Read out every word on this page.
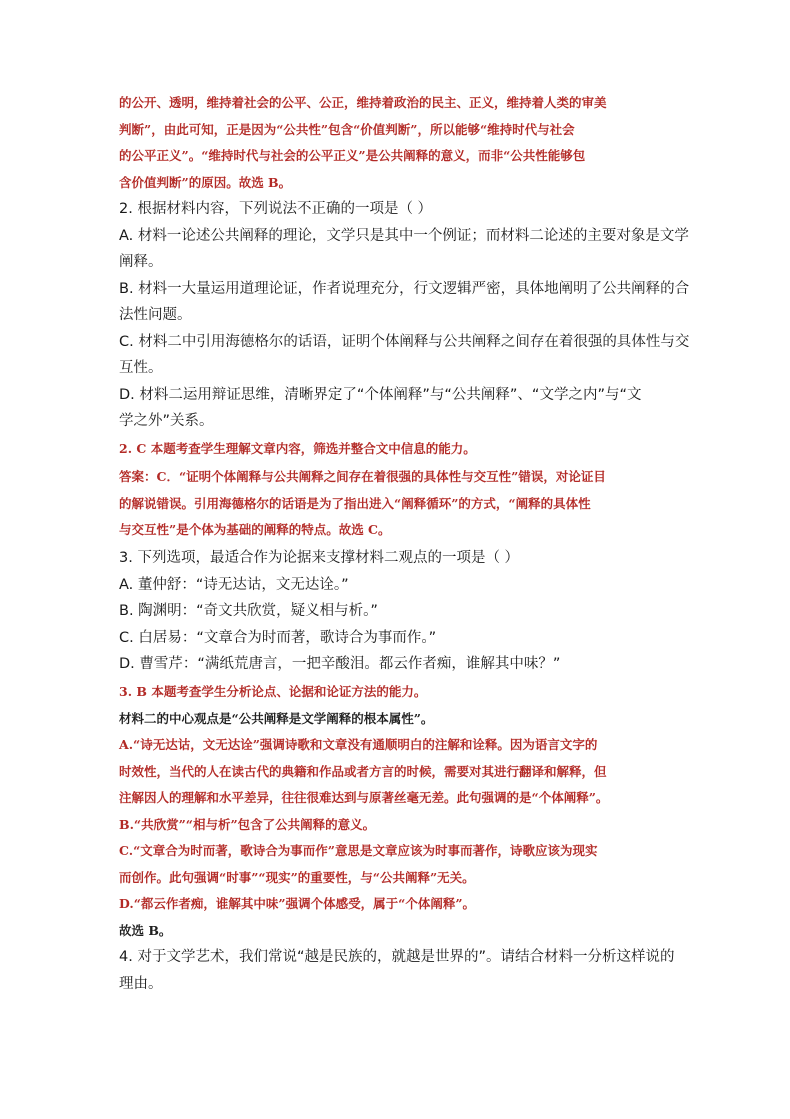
的公开、透明，维持着社会的公平、公正，维持着政治的民主、正义，维持着人类的审美
判断”，由此可知，正是因为“公共性”包含“价值判断”，所以能够“维持时代与社会
的公平正义”。“维持时代与社会的公平正义”是公共阐释的意义，而非“公共性能够包
含价值判断”的原因。故选 B。
2. 根据材料内容，下列说法不正确的一项是（ ）
A. 材料一论述公共阐释的理论，文学只是其中一个例证；而材料二论述的主要对象是文学
阐释。
B. 材料一大量运用道理论证，作者说理充分，行文逻辑严密，具体地阐明了公共阐释的合
法性问题。
C. 材料二中引用海德格尔的话语，证明个体阐释与公共阐释之间存在着很强的具体性与交
互性。
D. 材料二运用辩证思维，清晰界定了“个体阐释”与“公共阐释”、“文学之内”与“文
学之外”关系。
2. C 本题考查学生理解文章内容，筛选并整合文中信息的能力。
答案：C．“证明个体阐释与公共阐释之间存在着很强的具体性与交互性”错误，对论证目
的解说错误。引用海德格尔的话语是为了指出进入“阐释循环”的方式，“阐释的具体性
与交互性”是个体为基础的阐释的特点。故选 C。
3. 下列选项，最适合作为论据来支撑材料二观点的一项是（ ）
A. 董仲舒：“诗无达诂，文无达诠。”
B. 陶渊明：“奇文共欣赏，疑义相与析。”
C. 白居易：“文章合为时而著，歌诗合为事而作。”
D. 曹雪芹：“满纸荒唐言，一把辛酸泪。都云作者痴，谁解其中味？”
3. B 本题考查学生分析论点、论据和论证方法的能力。
材料二的中心观点是“公共阐释是文学阐释的根本属性”。
A.“诗无达诂，文无达诠”强调诗歌和文章没有通顺明白的注解和诠释。因为语言文字的
时效性，当代的人在读古代的典籍和作品或者方言的时候，需要对其进行翻译和解释，但
注解因人的理解和水平差异，往往很难达到与原著丝毫无差。此句强调的是“个体阐释”。
B.“共欣赏”“相与析”包含了公共阐释的意义。
C.“文章合为时而著，歌诗合为事而作”意思是文章应该为时事而著作，诗歌应该为现实
而创作。此句强调“时事”“现实”的重要性，与“公共阐释”无关。
D.“都云作者痴，谁解其中味”强调个体感受，属于“个体阐释”。
故选 B。
4. 对于文学艺术，我们常说“越是民族的，就越是世界的”。请结合材料一分析这样说的
理由。
